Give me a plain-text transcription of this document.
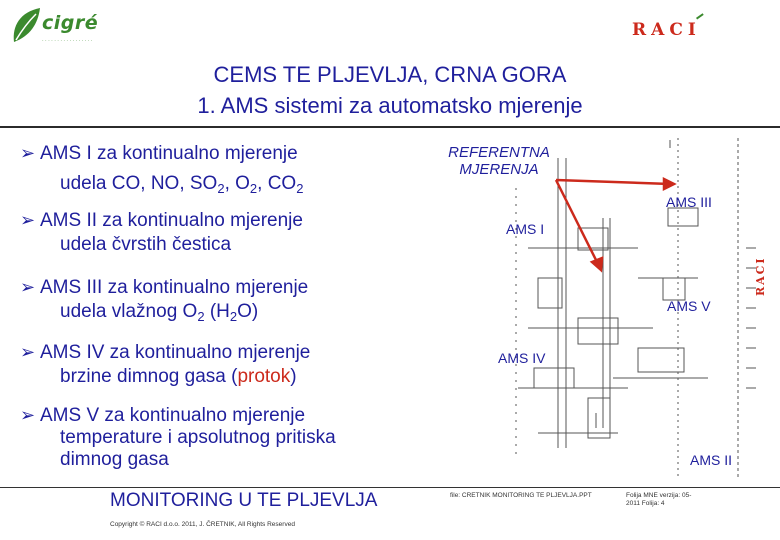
cigré
· · · · · · · · · · · · · · · · ·
RACI
CEMS TE PLJEVLJA, CRNA GORA
1. AMS sistemi za automatsko mjerenje
➢ AMS I za kontinualno mjerenje
udela CO, NO, $SO_2$, $O_2$, $CO_2$
➢ AMS II za kontinualno mjerenje
udela čvrstih čestica
➢ AMS III za kontinualno mjerenje
udela vlažnog $O_2$ $(H_2O)$
➢ AMS IV za kontinualno mjerenje
brzine dimnog gasa (protok)
➢ AMS V za kontinualno mjerenje
temperature i apsolutnog pritiska
dimnog gasa
REFERENTNA
MJERENJA
AMS I
AMS III
AMS V
AMS IV
AMS II
RACI
MONITORING U TE PLJEVLJA
Copyright © RACI d.o.o. 2011, J. ČRETNIK, All Rights Reserved
file: CRETNIK MONITORING TE PLJEVLJA.PPT	Folija MNE verzija: 05-
2011 Folija: 4
